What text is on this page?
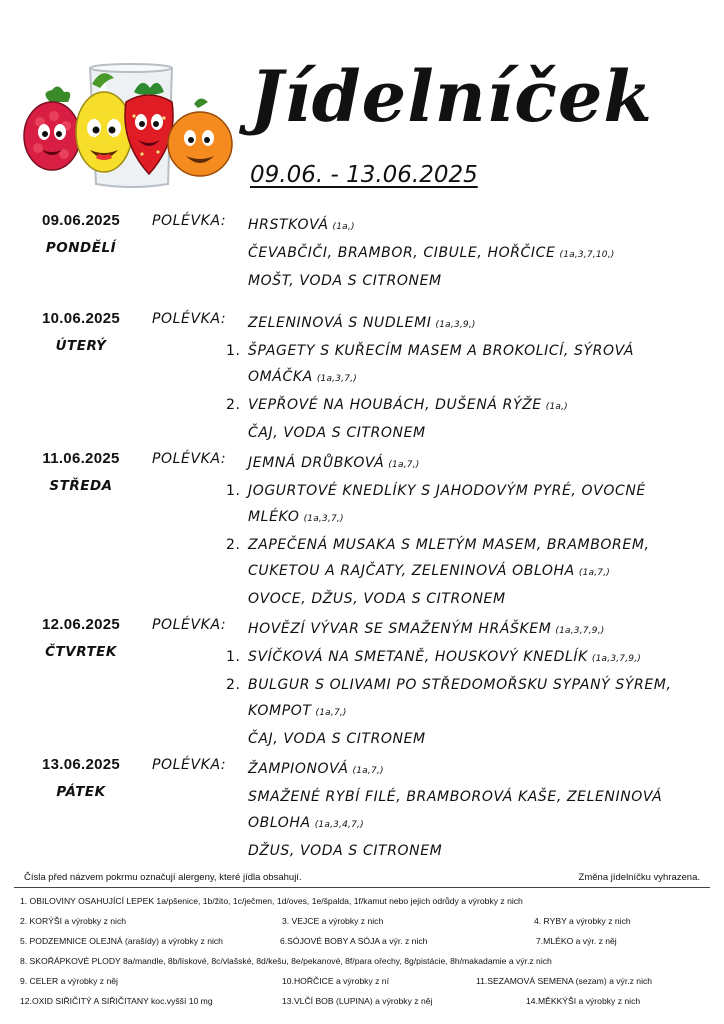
Jídelníček
09.06. - 13.06.2025
09.06.2025
PONDĚLÍ
POLÉVKA: HRSTKOVÁ (1a,)
ČEVABČIČI, BRAMBOR, CIBULE, HOŘČICE (1a,3,7,10,)
MOŠT, VODA S CITRONEM
10.06.2025
ÚTERÝ
POLÉVKA: ZELENINOVÁ S NUDLEMI (1a,3,9,)
1. ŠPAGETY S KUŘECÍM MASEM A BROKOLICÍ, SÝROVÁ
OMÁČKA (1a,3,7,)
2. VEPŘOVÉ NA HOUBÁCH, DUŠENÁ RÝŽE (1a,)
ČAJ, VODA S CITRONEM
11.06.2025
STŘEDA
POLÉVKA: JEMNÁ DRŮBKOVÁ (1a,7,)
1. JOGURTOVÉ KNEDLÍKY S JAHODOVÝM PYRÉ, OVOCNÉ
MLÉKO (1a,3,7,)
2. ZAPEČENÁ MUSAKA S MLETÝM MASEM, BRAMBOREM,
CUKETOU A RAJČATY, ZELENINOVÁ OBLOHA (1a,7,)
OVOCE, DŽUS, VODA S CITRONEM
12.06.2025
ČTVRTEK
POLÉVKA: HOVĚZÍ VÝVAR SE SMAŽENÝM HRÁŠKEM (1a,3,7,9,)
1. SVÍČKOVÁ NA SMETANĚ, HOUSKOVÝ KNEDLÍK (1a,3,7,9,)
2. BULGUR S OLIVAMI PO STŘEDOMOŘSKU SYPANÝ SÝREM,
KOMPOT (1a,7,)
ČAJ, VODA S CITRONEM
13.06.2025
PÁTEK
POLÉVKA: ŽAMPIONOVÁ (1a,7,)
SMAŽENÉ RYBÍ FILÉ, BRAMBOROVÁ KAŠE, ZELENINOVÁ
OBLOHA (1a,3,4,7,)
DŽUS, VODA S CITRONEM
Čísla před názvem pokrmu označují alergeny, které jídla obsahují.	Změna jídelníčku vyhrazena.
1. OBILOVINY OSAHUJÍCÍ LEPEK 1a/pšenice, 1b/žito, 1c/ječmen, 1d/oves, 1e/špalda, 1f/kamut nebo jejich odrůdy a výrobky z nich
2. KORÝŠI a výrobky z nich	3. VEJCE a výrobky z nich	4. RYBY a výrobky z nich
5. PODZEMNICE OLEJNÁ (arašídy) a výrobky z nich	6.SÓJOVÉ BOBY A SÓJA a výr. z nich	7.MLÉKO a výr. z něj
8. SKOŘÁPKOVÉ PLODY 8a/mandle, 8b/lískové, 8c/vlašské, 8d/kešu, 8e/pekanové, 8f/para ořechy, 8g/pistácie, 8h/makadamie a výr.z nich
9. CELER a výrobky z něj	10.HOŘČICE a výrobky z ní	11.SEZAMOVÁ SEMENA (sezam) a výr.z nich
12.OXID SIŘIČITÝ A SIŘIČITANY koc.vyšší 10 mg	13.VLČÍ BOB (LUPINA) a výrobky z něj	14.MĚKKÝŠI a výrobky z nich
